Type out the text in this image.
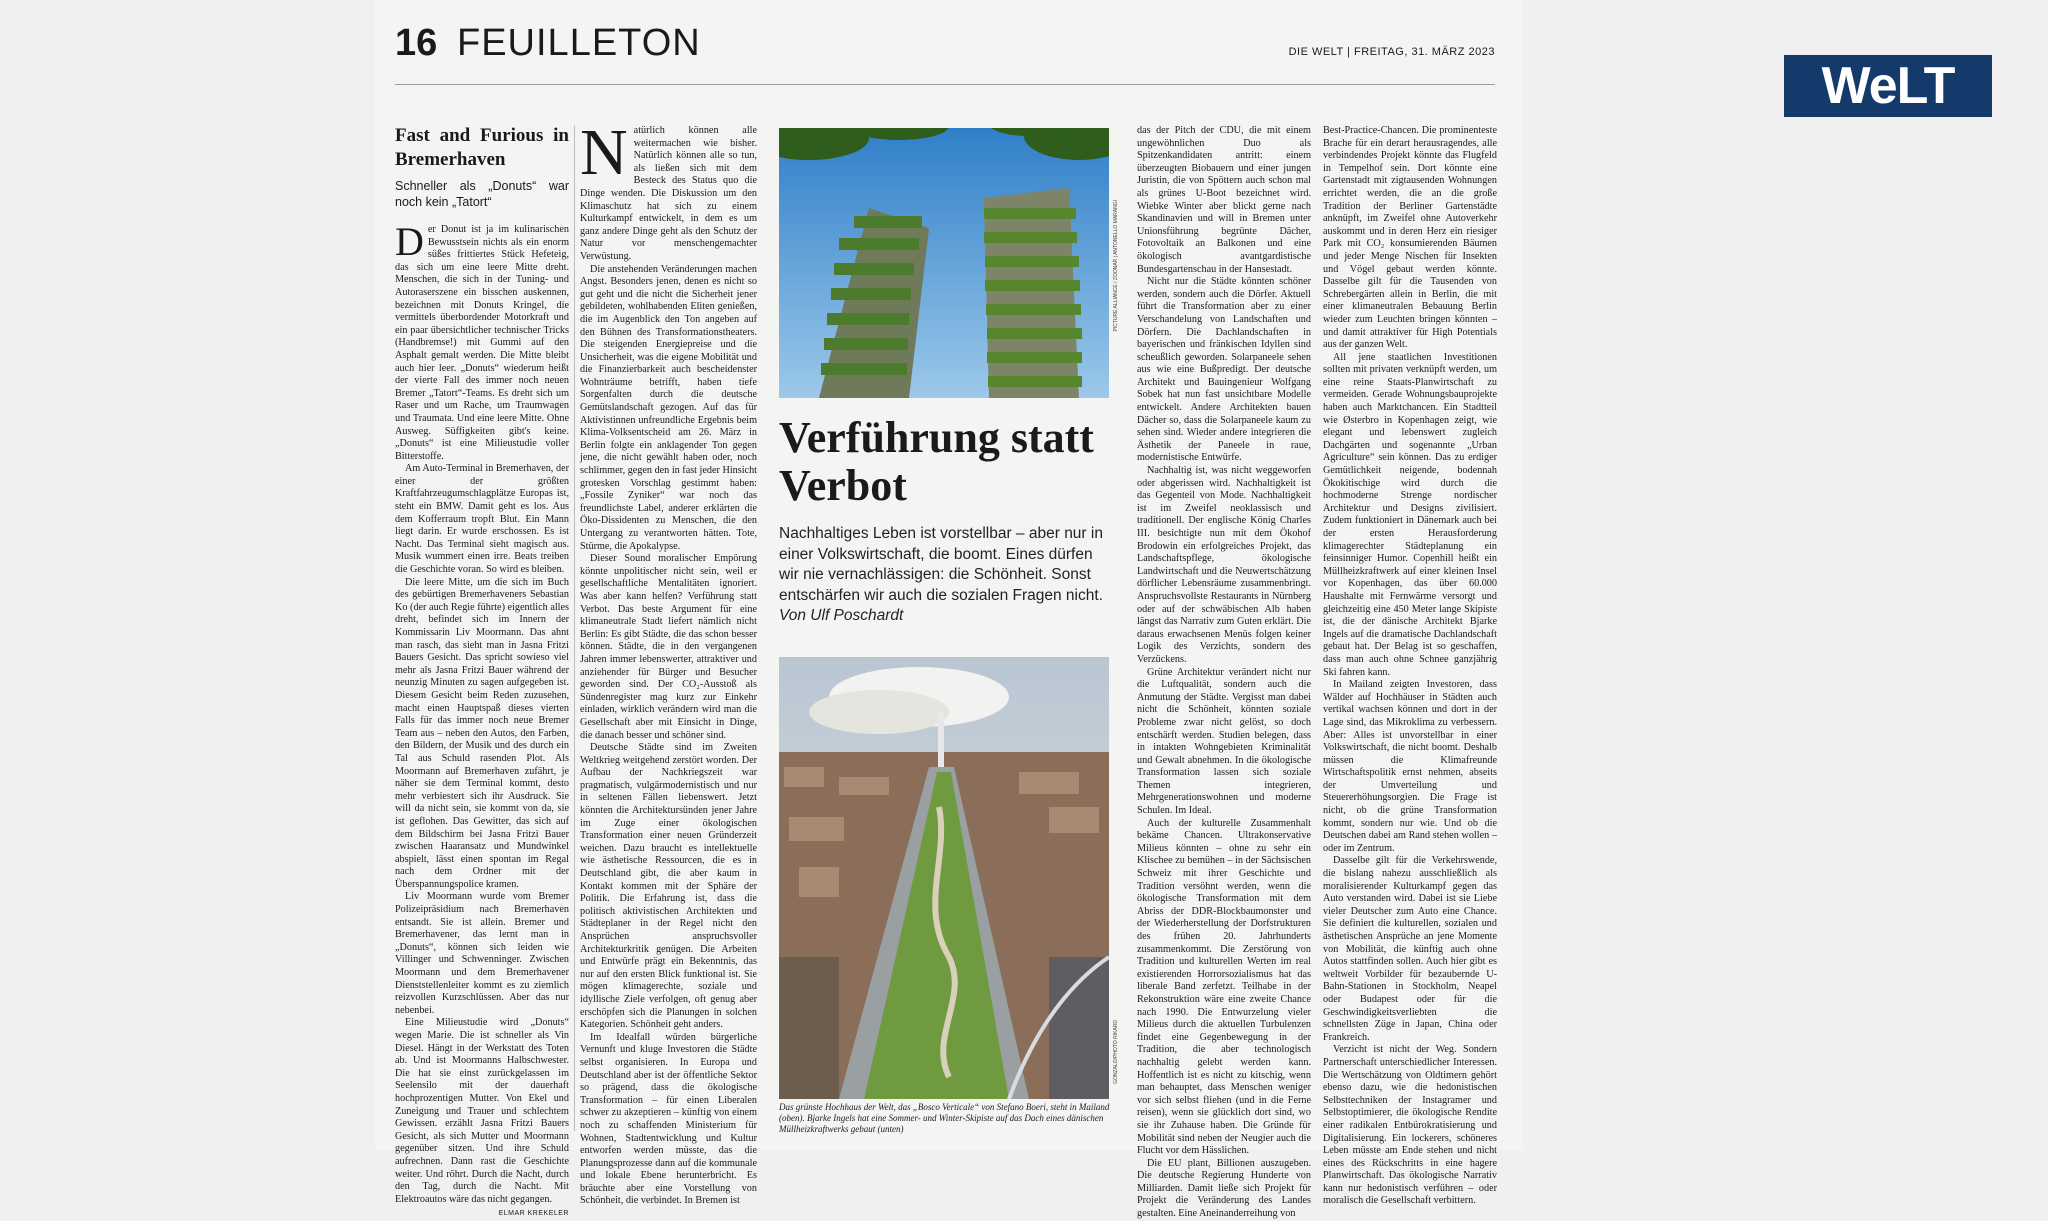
16 FEUILLETON	DIE WELT | FREITAG, 31. MÄRZ 2023
Fast and Furious in Bremerhaven
Schneller als „Donuts“ war noch kein „Tatort“

Der Donut ist ja im kulinarischen Bewusstsein nichts als ein enorm süßes frittiertes Stück Hefeteig, das sich um eine leere Mitte dreht. Menschen, die sich in der Tuning- und Autoraserszene ein bisschen auskennen, bezeichnen mit Donuts Kringel, die vermittels überbordender Motorkraft und ein paar übersichtlicher technischer Tricks (Handbremse!) mit Gummi auf den Asphalt gemalt werden. Die Mitte bleibt auch hier leer. „Donuts“ wiederum heißt der vierte Fall des immer noch neuen Bremer „Tatort“-Teams. Es dreht sich um Raser und um Rache, um Traumwagen und Traumata. Und eine leere Mitte. Ohne Ausweg. Süffigkeiten gibt's keine. „Donuts“ ist eine Milieustudie voller Bitterstoffe.

Am Auto-Terminal in Bremerhaven, der einer der größten Kraftfahrzeugumschlagplätze Europas ist, steht ein BMW. Damit geht es los. Aus dem Kofferraum tropft Blut. Ein Mann liegt darin. Er wurde erschossen. Es ist Nacht. Das Terminal sieht magisch aus. Musik wummert einen irre. Beats treiben die Geschichte voran. So wird es bleiben.

Die leere Mitte, um die sich im Buch des gebürtigen Bremerhaveners Sebastian Ko (der auch Regie führte) eigentlich alles dreht, befindet sich im Innern der Kommissarin Liv Moormann. Das ahnt man rasch, das sieht man in Jasna Fritzi Bauers Gesicht. Das spricht sowieso viel mehr als Jasna Fritzi Bauer während der neunzig Minuten zu sagen aufgegeben ist. Diesem Gesicht beim Reden zuzusehen, macht einen Hauptspaß dieses vierten Falls für das immer noch neue Bremer Team aus – neben den Autos, den Farben, den Bildern, der Musik und des durch ein Tal aus Schuld rasenden Plot. Als Moormann auf Bremerhaven zufährt, je näher sie dem Terminal kommt, desto mehr verbiestert sich ihr Ausdruck. Sie will da nicht sein, sie kommt von da, sie ist geflohen. Das Gewitter, das sich auf dem Bildschirm bei Jasna Fritzi Bauer zwischen Haaransatz und Mundwinkel abspielt, lässt einen spontan im Regal nach dem Ordner mit der Überspannungspolice kramen.

Liv Moormann wurde vom Bremer Polizeipräsidium nach Bremerhaven entsandt. Sie ist allein. Bremer und Bremerhavener, das lernt man in „Donuts“, können sich leiden wie Villinger und Schwenninger. Zwischen Moormann und dem Bremerhavener Dienststellenleiter kommt es zu ziemlich reizvollen Kurzschlüssen. Aber das nur nebenbei.

Eine Milieustudie wird „Donuts“ wegen Marie. Die ist schneller als Vin Diesel. Hängt in der Werkstatt des Toten ab. Und ist Moormanns Halbschwester. Die hat sie einst zurückgelassen im Seelensilo mit der dauerhaft hochprozentigen Mutter. Von Ekel und Zuneigung und Trauer und schlechtem Gewissen. erzählt Jasna Fritzi Bauers Gesicht, als sich Mutter und Moormann gegenüber sitzen. Und ihre Schuld aufrechnen. Dann rast die Geschichte weiter. Und röhrt. Durch die Nacht, durch den Tag, durch die Nacht. Mit Elektroautos wäre das nicht gegangen.
ELMAR KREKELER

Natürlich können alle weitermachen wie bisher. Natürlich können alle so tun, als ließen sich mit dem Besteck des Status quo die Dinge wenden. Die Diskussion um den Klimaschutz hat sich zu einem Kulturkampf entwickelt, in dem es um ganz andere Dinge geht als den Schutz der Natur vor menschengemachter Verwüstung.

Die anstehenden Veränderungen machen Angst. Besonders jenen, denen es nicht so gut geht und die nicht die Sicherheit jener gebildeten, wohlhabenden Eliten genießen, die im Augenblick den Ton angeben auf den Bühnen des Transformationstheaters. Die steigenden Energiepreise und die Unsicherheit, was die eigene Mobilität und die Finanzierbarkeit auch bescheidenster Wohnträume betrifft, haben tiefe Sorgenfalten durch die deutsche Gemütslandschaft gezogen. Auf das für Aktivistinnen unfreundliche Ergebnis beim Klima-Volksentscheid am 26. März in Berlin folgte ein anklagender Ton gegen jene, die nicht gewählt haben oder, noch schlimmer, gegen den in fast jeder Hinsicht grotesken Vorschlag gestimmt haben: „Fossile Zyniker“ war noch das freundlichste Label, anderer erklärten die Öko-Dissidenten zu Menschen, die den Untergang zu verantworten hätten. Tote, Stürme, die Apokalypse.

Dieser Sound moralischer Empörung könnte unpolitischer nicht sein, weil er gesellschaftliche Mentalitäten ignoriert. Was aber kann helfen? Verführung statt Verbot. Das beste Argument für eine klimaneutrale Stadt liefert nämlich nicht Berlin: Es gibt Städte, die das schon besser können. Städte, die in den vergangenen Jahren immer lebenswerter, attraktiver und anziehender für Bürger und Besucher geworden sind. Der CO₂-Ausstoß als Sündenregister mag kurz zur Einkehr einladen, wirklich verändern wird man die Gesellschaft aber mit Einsicht in Dinge, die danach besser und schöner sind.

Deutsche Städte sind im Zweiten Weltkrieg weitgehend zerstört worden. Der Aufbau der Nachkriegszeit war pragmatisch, vulgärmodernistisch und nur in seltenen Fällen liebenswert. Jetzt könnten die Architektursünden jener Jahre im Zuge einer ökologischen Transformation einer neuen Gründerzeit weichen. Dazu braucht es intellektuelle wie ästhetische Ressourcen, die es in Deutschland gibt, die aber kaum in Kontakt kommen mit der Sphäre der Politik. Die Erfahrung ist, dass die politisch aktivistischen Architekten und Städteplaner in der Regel nicht den Ansprüchen anspruchsvoller Architekturkritik genügen. Die Arbeiten und Entwürfe prägt ein Bekenntnis, das nur auf den ersten Blick funktional ist. Sie mögen klimagerechte, soziale und idyllische Ziele verfolgen, oft genug aber erschöpfen sich die Planungen in solchen Kategorien. Schönheit geht anders.

Im Idealfall würden bürgerliche Vernunft und kluge Investoren die Städte selbst organisieren. In Europa und Deutschland aber ist der öffentliche Sektor so prägend, dass die ökologische Transformation – für einen Liberalen schwer zu akzeptieren – künftig von einem noch zu schaffenden Ministerium für Wohnen, Stadtentwicklung und Kultur entworfen werden müsste, das die Planungsprozesse dann auf die kommunale und lokale Ebene herunterbricht. Es bräuchte aber eine Vorstellung von Schönheit, die verbindet. In Bremen ist

PICTURE ALLIANCE / ZOONAR | ANTONELLO MARANGI
Verführung statt Verbot
Nachhaltiges Leben ist vorstellbar – aber nur in einer Volkswirtschaft, die boomt. Eines dürfen wir nie vernachlässigen: die Schönheit. Sonst entschärfen wir auch die sozialen Fragen nicht. Von Ulf Poschardt
GONZALO/PHOTO RIKARD
Das grünste Hochhaus der Welt, das „Bosco Verticale“ von Stefano Boeri, steht in Mailand (oben). Bjarke Ingels hat eine Sommer- und Winter-Skipiste auf das Dach eines dänischen Müllheizkraftwerks gebaut (unten)

das der Pitch der CDU, die mit einem ungewöhnlichen Duo als Spitzenkandidaten antritt: einem überzeugten Biobauern und einer jungen Juristin, die von Spöttern auch schon mal als grünes U-Boot bezeichnet wird. Wiebke Winter aber blickt gerne nach Skandinavien und will in Bremen unter Unionsführung begrünte Dächer, Fotovoltaik an Balkonen und eine ökologisch avantgardistische Bundesgartenschau in der Hansestadt.

Nicht nur die Städte könnten schöner werden, sondern auch die Dörfer. Aktuell führt die Transformation aber zu einer Verschandelung von Landschaften und Dörfern. Die Dachlandschaften in bayerischen und fränkischen Idyllen sind scheußlich geworden. Solarpaneele sehen aus wie eine Bußpredigt. Der deutsche Architekt und Bauingenieur Wolfgang Sobek hat nun fast unsichtbare Modelle entwickelt. Andere Architekten bauen Dächer so, dass die Solarpaneele kaum zu sehen sind. Wieder andere integrieren die Ästhetik der Paneele in raue, modernistische Entwürfe.

Nachhaltig ist, was nicht weggeworfen oder abgerissen wird. Nachhaltigkeit ist das Gegenteil von Mode. Nachhaltigkeit ist im Zweifel neoklassisch und traditionell. Der englische König Charles III. besichtigte nun mit dem Ökohof Brodowin ein erfolgreiches Projekt, das Landschaftspflege, ökologische Landwirtschaft und die Neuwertschätzung dörflicher Lebensräume zusammenbringt. Anspruchsvollste Restaurants in Nürnberg oder auf der schwäbischen Alb haben längst das Narrativ zum Guten erklärt. Die daraus erwachsenen Menüs folgen keiner Logik des Verzichts, sondern des Verzückens.

Grüne Architektur verändert nicht nur die Luftqualität, sondern auch die Anmutung der Städte. Vergisst man dabei nicht die Schönheit, könnten soziale Probleme zwar nicht gelöst, so doch entschärft werden. Studien belegen, dass in intakten Wohngebieten Kriminalität und Gewalt abnehmen. In die ökologische Transformation lassen sich soziale Themen integrieren, Mehrgenerationswohnen und moderne Schulen. Im Ideal.

Auch der kulturelle Zusammenhalt bekäme Chancen. Ultrakonservative Milieus könnten – ohne zu sehr ein Klischee zu bemühen – in der Sächsischen Schweiz mit ihrer Geschichte und Tradition versöhnt werden, wenn die ökologische Transformation mit dem Abriss der DDR-Blockbaumonster und der Wiederherstellung der Dorfstrukturen des frühen 20. Jahrhunderts zusammenkommt. Die Zerstörung von Tradition und kulturellen Werten im real existierenden Horrorsozialismus hat das liberale Band zerfetzt. Teilhabe in der Rekonstruktion wäre eine zweite Chance nach 1990. Die Entwurzelung vieler Milieus durch die aktuellen Turbulenzen findet eine Gegenbewegung in der Tradition, die aber technologisch nachhaltig gelebt werden kann. Hoffentlich ist es nicht zu kitschig, wenn man behauptet, dass Menschen weniger vor sich selbst fliehen (und in die Ferne reisen), wenn sie glücklich dort sind, wo sie ihr Zuhause haben. Die Gründe für Mobilität sind neben der Neugier auch die Flucht vor dem Hässlichen.

Die EU plant, Billionen auszugeben. Die deutsche Regierung Hunderte von Milliarden. Damit ließe sich Projekt für Projekt die Veränderung des Landes gestalten. Eine Aneinanderreihung von

Best-Practice-Chancen. Die prominenteste Brache für ein derart herausragendes, alle verbindendes Projekt könnte das Flugfeld in Tempelhof sein. Dort könnte eine Gartenstadt mit zigtausenden Wohnungen errichtet werden, die an die große Tradition der Berliner Gartenstädte anknüpft, im Zweifel ohne Autoverkehr auskommt und in deren Herz ein riesiger Park mit CO₂ konsumierenden Bäumen und jeder Menge Nischen für Insekten und Vögel gebaut werden könnte. Dasselbe gilt für die Tausenden von Schrebergärten allein in Berlin, die mit einer klimaneutralen Bebauung Berlin wieder zum Leuchten bringen könnten – und damit attraktiver für High Potentials aus der ganzen Welt.

All jene staatlichen Investitionen sollten mit privaten verknüpft werden, um eine reine Staats-Planwirtschaft zu vermeiden. Gerade Wohnungsbauprojekte haben auch Marktchancen. Ein Stadtteil wie Østerbro in Kopenhagen zeigt, wie elegant und lebenswert zugleich Dachgärten und sogenannte „Urban Agriculture“ sein können. Das zu erdiger Gemütlichkeit neigende, bodennah Ökokitischige wird durch die hochmoderne Strenge nordischer Architektur und Designs zivilisiert. Zudem funktioniert in Dänemark auch bei der ersten Herausforderung klimagerechter Städteplanung ein feinsinniger Humor. Copenhill heißt ein Müllheizkraftwerk auf einer kleinen Insel vor Kopenhagen, das über 60.000 Haushalte mit Fernwärme versorgt und gleichzeitig eine 450 Meter lange Skipiste ist, die der dänische Architekt Bjarke Ingels auf die dramatische Dachlandschaft gebaut hat. Der Belag ist so geschaffen, dass man auch ohne Schnee ganzjährig Ski fahren kann.

In Mailand zeigten Investoren, dass Wälder auf Hochhäuser in Städten auch vertikal wachsen können und dort in der Lage sind, das Mikroklima zu verbessern. Aber: Alles ist unvorstellbar in einer Volkswirtschaft, die nicht boomt. Deshalb müssen die Klimafreunde Wirtschaftspolitik ernst nehmen, abseits der Umverteilung und Steuererhöhungsorgien. Die Frage ist nicht, ob die grüne Transformation kommt, sondern nur wie. Und ob die Deutschen dabei am Rand stehen wollen – oder im Zentrum.

Dasselbe gilt für die Verkehrswende, die bislang nahezu ausschließlich als moralisierender Kulturkampf gegen das Auto verstanden wird. Dabei ist sie Liebe vieler Deutscher zum Auto eine Chance. Sie definiert die kulturellen, sozialen und ästhetischen Ansprüche an jene Momente von Mobilität, die künftig auch ohne Autos stattfinden sollen. Auch hier gibt es weltweit Vorbilder für bezaubernde U-Bahn-Stationen in Stockholm, Neapel oder Budapest oder für die Geschwindigkeitsverliebten die schnellsten Züge in Japan, China oder Frankreich.

Verzicht ist nicht der Weg. Sondern Partnerschaft unterschiedlicher Interessen. Die Wertschätzung von Oldtimern gehört ebenso dazu, wie die hedonistischen Selbsttechniken der Instagramer und Selbstoptimierer, die ökologische Rendite einer radikalen Entbürokratisierung und Digitalisierung. Ein lockerers, schöneres Leben müsste am Ende stehen und nicht eines des Rückschritts in eine hagere Planwirtschaft. Das ökologische Narrativ kann nur hedonistisch verführen – oder moralisch die Gesellschaft verbittern.

WeLT
